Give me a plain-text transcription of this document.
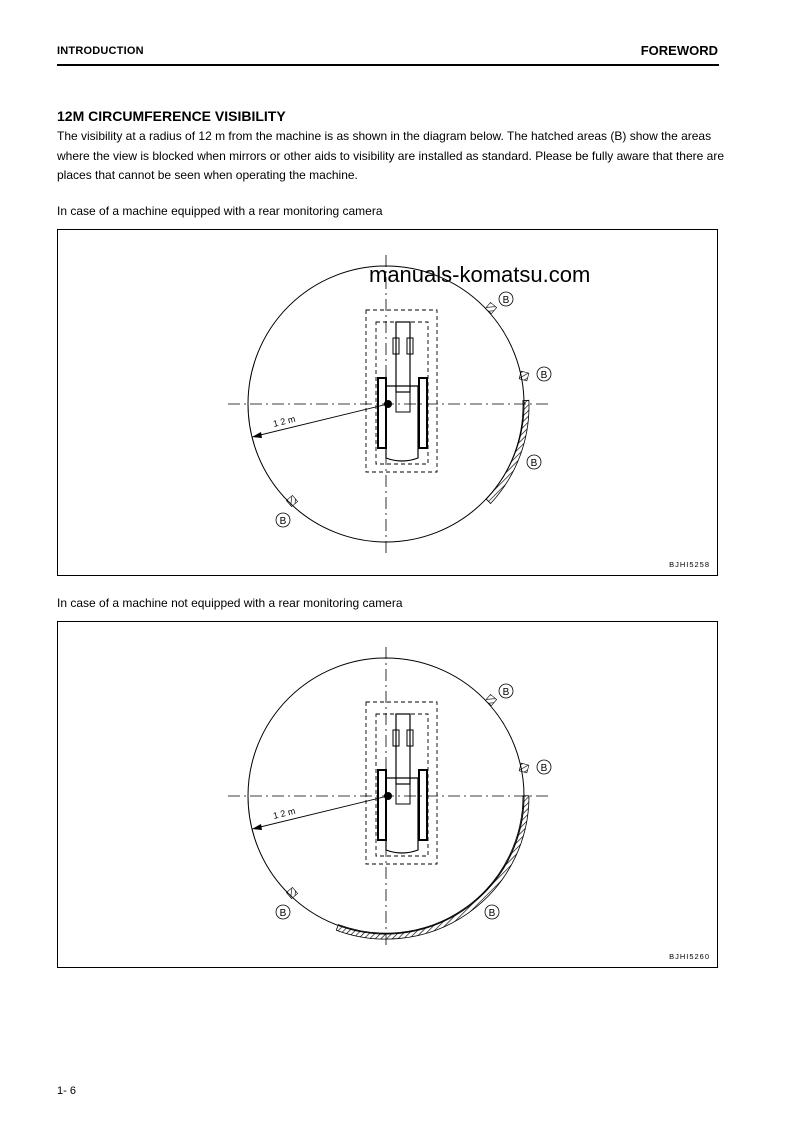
INTRODUCTION	FOREWORD
12M CIRCUMFERENCE VISIBILITY

The visibility at a radius of 12 m from the machine is as shown in the diagram below. The hatched areas (B) show the areas where the view is blocked when mirrors or other aids to visibility are installed as standard. Please be fully aware that there are places that cannot be seen when operating the machine.

In case of a machine equipped with a rear monitoring camera

1 2 m
B
B
B
B
BJHI5258

In case of a machine not equipped with a rear monitoring camera

1 2 m
B
B
B
B
BJHI5260
manuals-komatsu.com
1- 6
